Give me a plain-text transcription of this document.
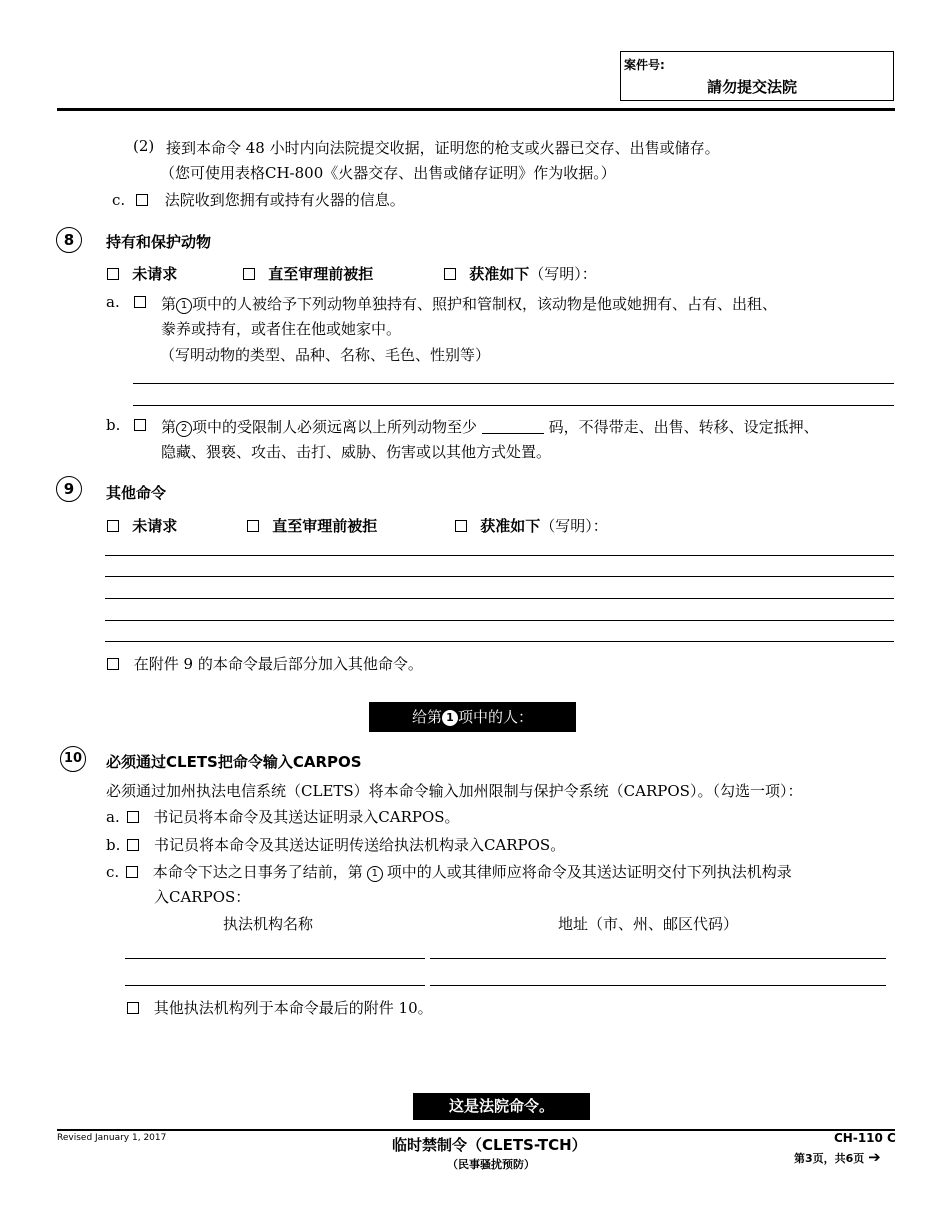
案件号:
請勿提交法院
(2) 接到本命令 48 小时内向法院提交收据，证明您的枪支或火器已交存、出售或储存。
（您可使用表格CH-800《火器交存、出售或储存证明》作为收据。）
c.	法院收到您拥有或持有火器的信息。
8	持有和保护动物
未请求	直至审理前被拒	获准如下（写明）：
a.	第 1 项中的人被给予下列动物单独持有、照护和管制权，该动物是他或她拥有、占有、出租、
豢养或持有，或者住在他或她家中。
（写明动物的类型、品种、名称、毛色、性别等）
b.	第 2 项中的受限制人必须远离以上所列动物至少	码，不得带走、出售、转移、设定抵押、
隐藏、猥亵、攻击、击打、威胁、伤害或以其他方式处置。
9	其他命令
未请求	直至审理前被拒	获准如下（写明）：
在附件 9 的本命令最后部分加入其他命令。
给第 1 项中的人：
10 必须通过CLETS把命令输入CARPOS
必须通过加州执法电信系统（CLETS）将本命令输入加州限制与保护令系统（CARPOS）。（勾选一项）：
a. 书记员将本命令及其送达证明录入CARPOS。
b. 书记员将本命令及其送达证明传送给执法机构录入CARPOS。
c. 本命令下达之日事务了结前，第 1 项中的人或其律师应将命令及其送达证明交付下列执法机构录
入CARPOS：
执法机构名称	地址（市、州、邮区代码）
其他执法机构列于本命令最后的附件 10。
这是法院命令。
Revised January 1, 2017	临时禁制令（CLETS-TCH）
（民事骚扰预防）
CH-110 C
第3页，共6页 ➔
